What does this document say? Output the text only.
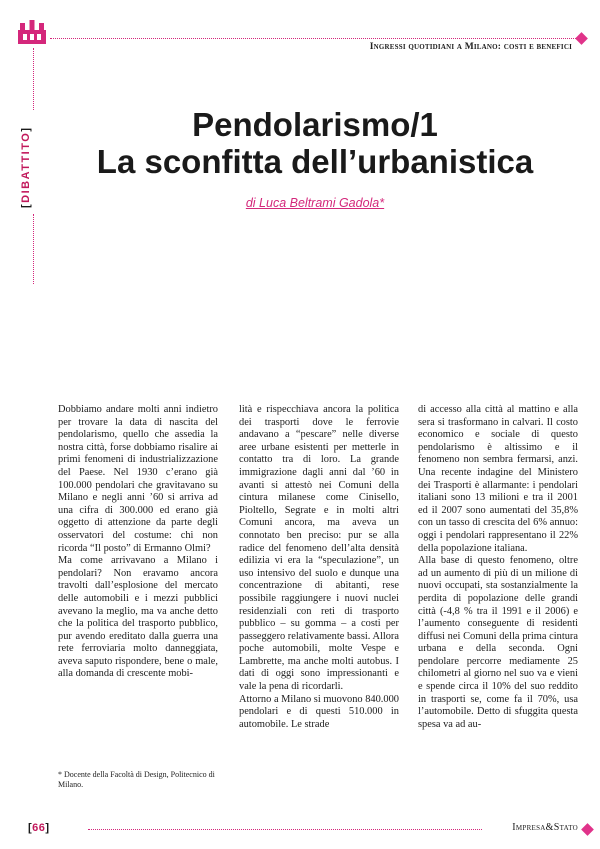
Ingressi quotidiani a Milano: costi e benefici
[DIBATTITO]	Pendolarismo/1
La sconfitta dell’urbanistica
di Luca Beltrami Gadola*

Dobbiamo andare molti anni indietro per trovare la data di nascita del pendolarismo, quello che assedia la nostra città, forse dobbiamo risalire ai primi fenomeni di industrializzazione del Paese. Nel 1930 c’erano già 100.000 pendolari che gravitavano su Milano e negli anni ’60 si arriva ad una cifra di 300.000 ed erano già oggetto di attenzione da parte degli osservatori del costume: chi non ricorda “Il posto” di Ermanno Olmi?

Ma come arrivavano a Milano i pendolari? Non eravamo ancora travolti dall’esplosione del mercato delle automobili e i mezzi pubblici avevano la meglio, ma va anche detto che la politica del trasporto pubblico, pur avendo ereditato dalla guerra una rete ferroviaria molto danneggiata, aveva saputo rispondere, bene o male, alla domanda di crescente mobi-

lità e rispecchiava ancora la politica dei trasporti dove le ferrovie andavano a “pescare” nelle diverse aree urbane esistenti per metterle in contatto tra di loro. La grande immigrazione dagli anni dal ’60 in avanti si attestò nei Comuni della cintura milanese come Cinisello, Pioltello, Segrate e in molti altri Comuni ancora, ma aveva un connotato ben preciso: pur se alla radice del fenomeno dell’alta densità edilizia vi era la “speculazione”, un uso intensivo del suolo e dunque una concentrazione di abitanti, rese possibile raggiungere i nuovi nuclei residenziali con reti di trasporto pubblico – su gomma – a costi per passeggero relativamente bassi. Allora poche automobili, molte Vespe e Lambrette, ma anche molti autobus. I dati di oggi sono impressionanti e vale la pena di ricordarli.

Attorno a Milano si muovono 840.000 pendolari e di questi 510.000 in automobile. Le strade

di accesso alla città al mattino e alla sera si trasformano in calvari. Il costo economico e sociale di questo pendolarismo è altissimo e il fenomeno non sembra fermarsi, anzi. Una recente indagine del Ministero dei Trasporti è allarmante: i pendolari italiani sono 13 milioni e tra il 2001 ed il 2007 sono aumentati del 35,8% con un tasso di crescita del 6% annuo: oggi i pendolari rappresentano il 22% della popolazione italiana.

Alla base di questo fenomeno, oltre ad un aumento di più di un milione di nuovi occupati, sta sostanzialmente la perdita di popolazione delle grandi città (-4,8 % tra il 1991 e il 2006) e l’aumento conseguente di residenti diffusi nei Comuni della prima cintura urbana e della seconda. Ogni pendolare percorre mediamente 25 chilometri al giorno nel suo va e vieni e spende circa il 10% del suo reddito in trasporti se, come fa il 70%, usa l’automobile. Detto di sfuggita questa spesa va ad au-

* Docente della Facoltà di Design, Politecnico di Milano.
[66]	Impresa&Stato
